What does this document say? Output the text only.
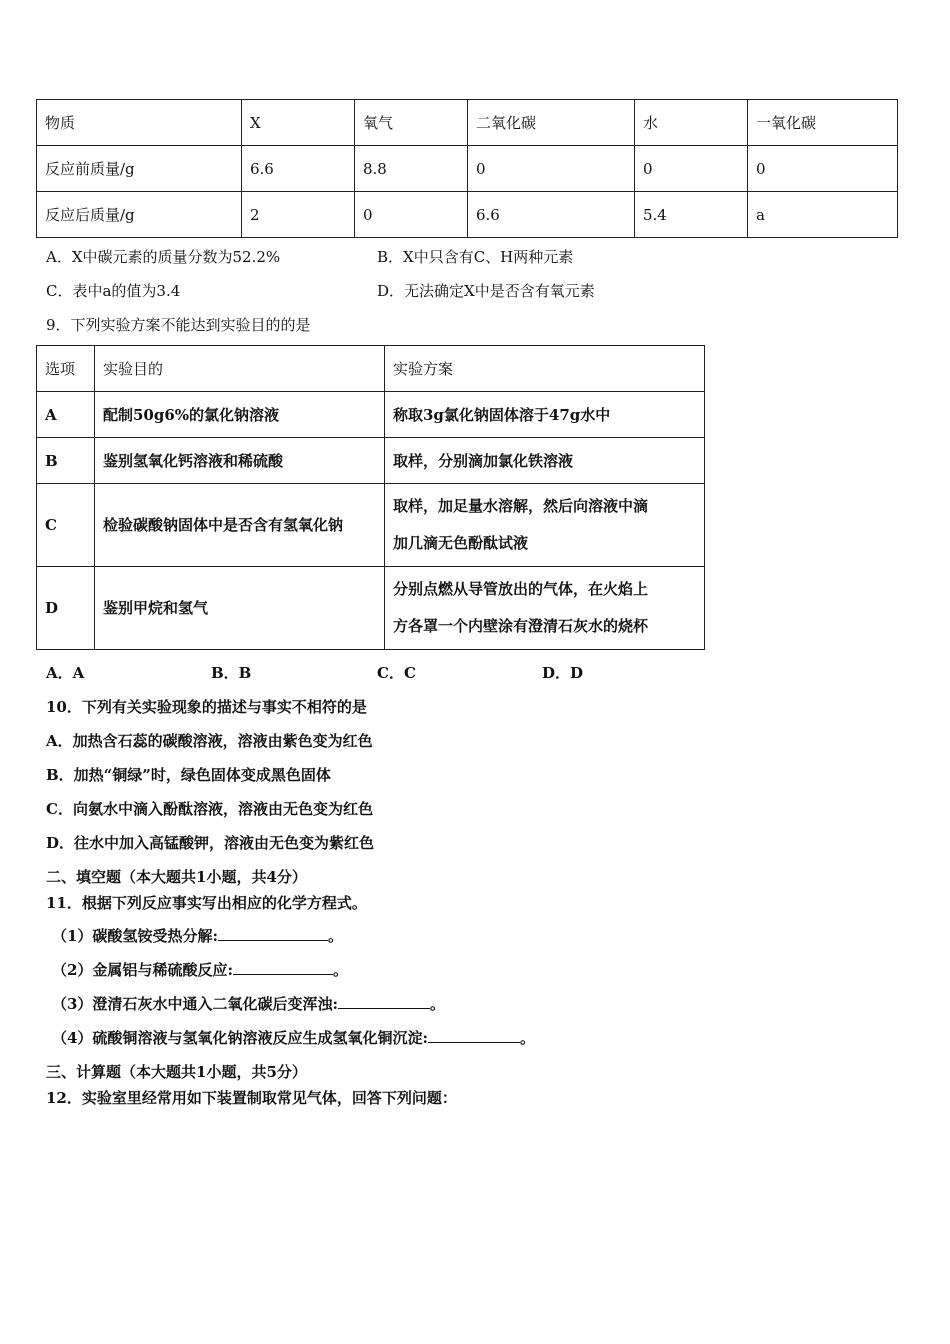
物质	X	氧气	二氧化碳	水	一氧化碳
反应前质量/g	6.6	8.8	0	0	0
反应后质量/g	2	0	6.6	5.4	a
A．X中碳元素的质量分数为52.2%	B．X中只含有C、H两种元素
C．表中a的值为3.4	D．无法确定X中是否含有氧元素
9．下列实验方案不能达到实验目的的是
选项	实验目的	实验方案
A	配制50g6%的氯化钠溶液	称取3g氯化钠固体溶于47g水中
B	鉴别氢氧化钙溶液和稀硫酸	取样，分别滴加氯化铁溶液
C	检验碳酸钠固体中是否含有氢氧化钠	取样，加足量水溶解，然后向溶液中滴
加几滴无色酚酞试液

D	鉴别甲烷和氢气	分别点燃从导管放出的气体，在火焰上
方各罩一个内壁涂有澄清石灰水的烧杯
A．A	B．B	C．C	D．D
10．下列有关实验现象的描述与事实不相符的是
A．加热含石蕊的碳酸溶液，溶液由紫色变为红色
B．加热“铜绿”时，绿色固体变成黑色固体
C．向氨水中滴入酚酞溶液，溶液由无色变为红色
D．往水中加入高锰酸钾，溶液由无色变为紫红色
二、填空题（本大题共1小题，共4分）
11．根据下列反应事实写出相应的化学方程式。
（1）碳酸氢铵受热分解:	。
（2）金属铝与稀硫酸反应:	。
（3）澄清石灰水中通入二氧化碳后变浑浊:	。
（4）硫酸铜溶液与氢氧化钠溶液反应生成氢氧化铜沉淀:	。
三、计算题（本大题共1小题，共5分）
12．实验室里经常用如下装置制取常见气体，回答下列问题：
